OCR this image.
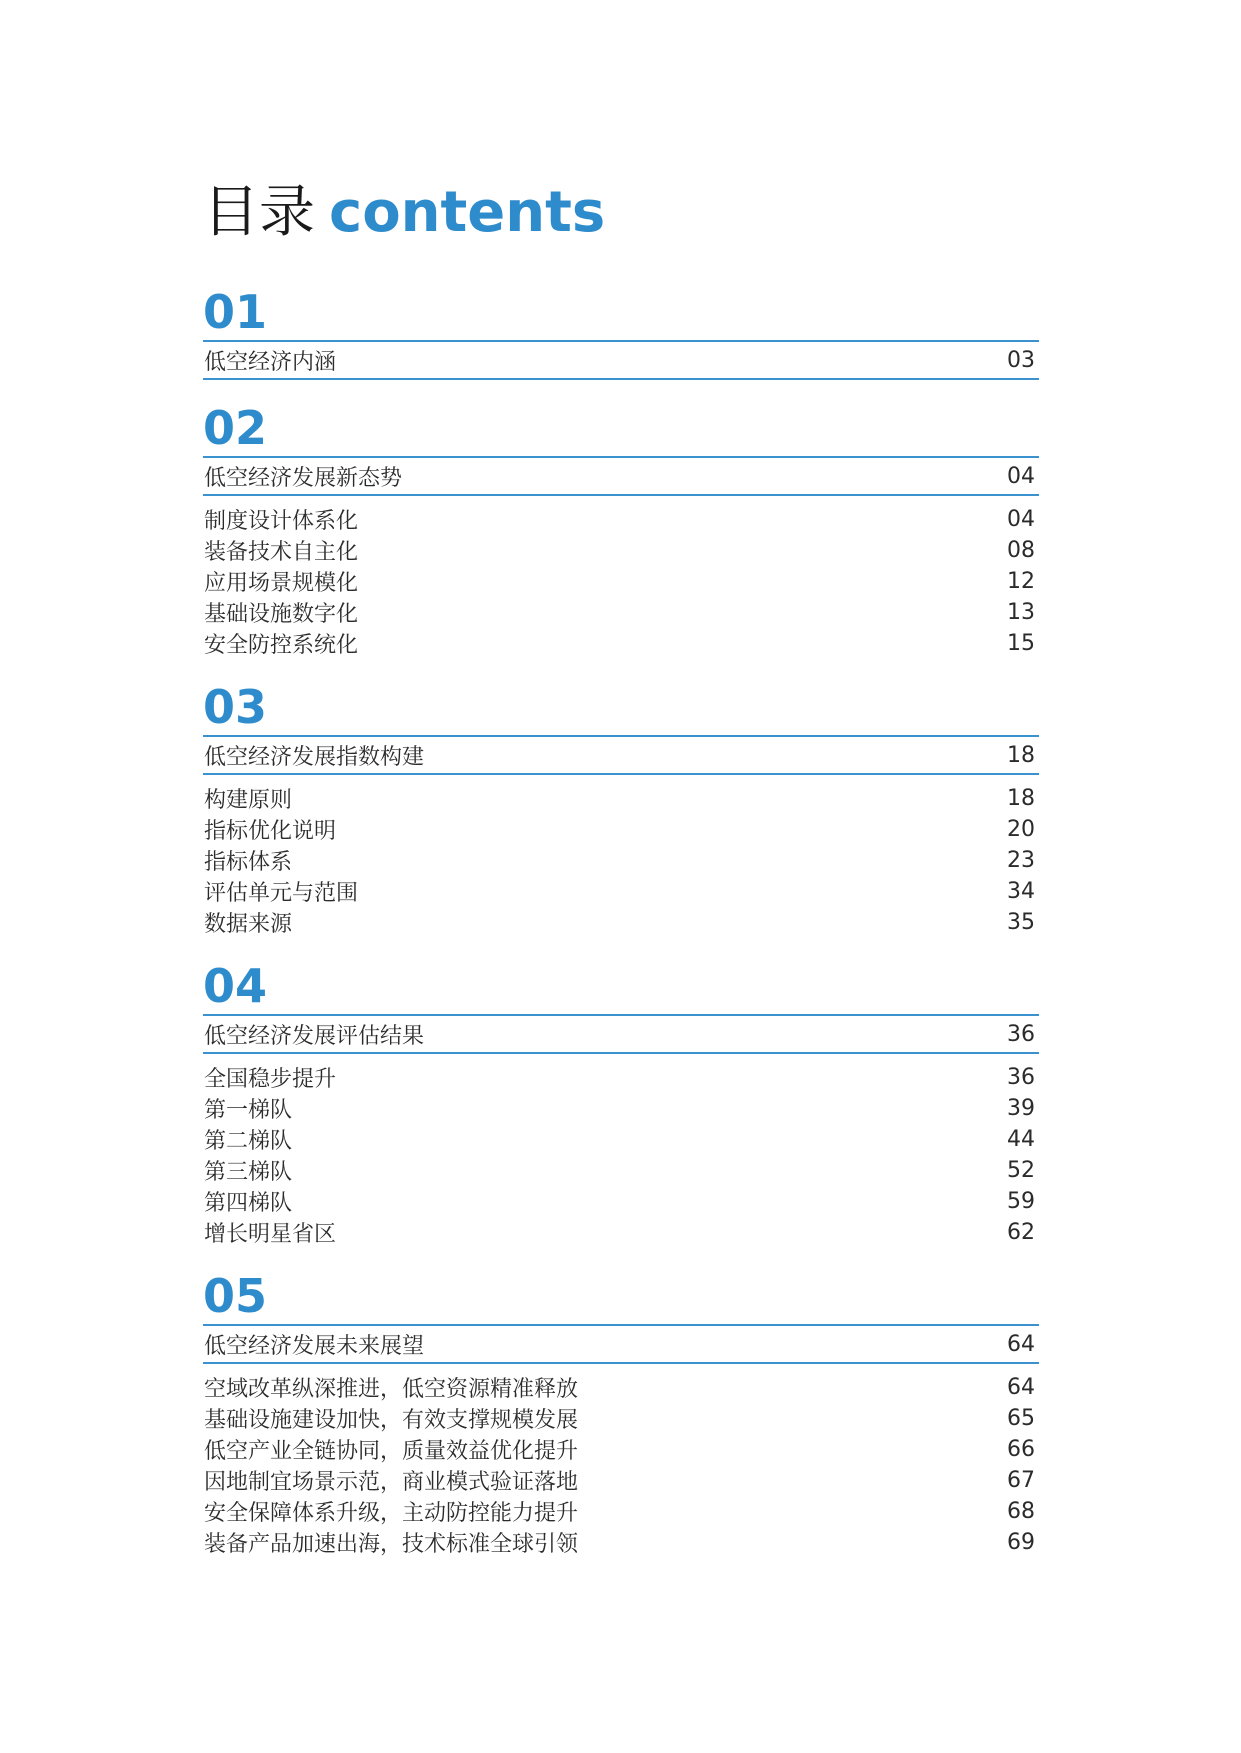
目录 contents
01
低空经济内涵	03
02
低空经济发展新态势	04
制度设计体系化	04
装备技术自主化	08
应用场景规模化	12
基础设施数字化	13
安全防控系统化	15
03
低空经济发展指数构建	18
构建原则	18
指标优化说明	20
指标体系	23
评估单元与范围	34
数据来源	35
04
低空经济发展评估结果	36
全国稳步提升	36
第一梯队	39
第二梯队	44
第三梯队	52
第四梯队	59
增长明星省区	62
05
低空经济发展未来展望	64
空域改革纵深推进，低空资源精准释放	64
基础设施建设加快，有效支撑规模发展	65
低空产业全链协同，质量效益优化提升	66
因地制宜场景示范，商业模式验证落地	67
安全保障体系升级，主动防控能力提升	68
装备产品加速出海，技术标准全球引领	69
